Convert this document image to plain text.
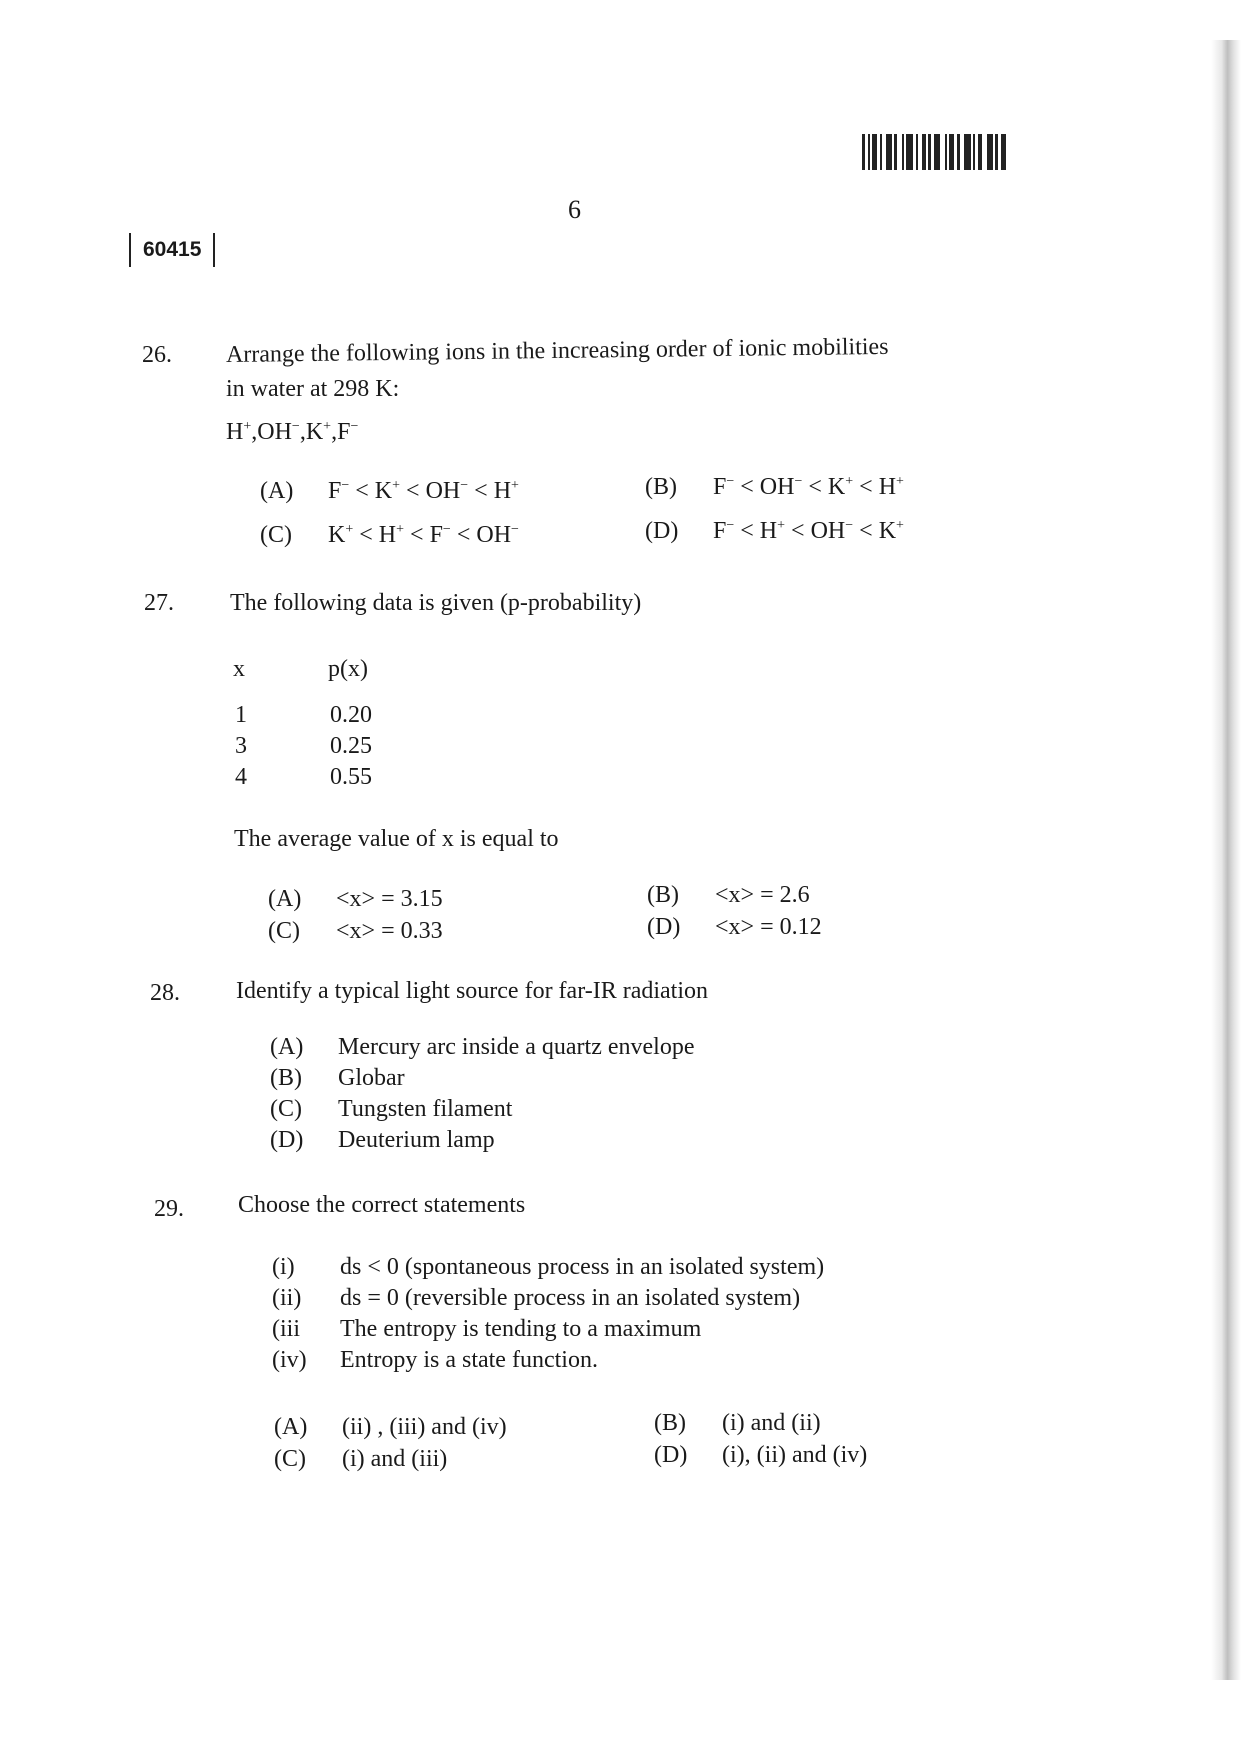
6
60415
26. Arrange the following ions in the increasing order of ionic mobilities
in water at 298 K:
H+,OH−,K+,F−
(A)	F− < K+ < OH− < H+	(B)	F− < OH− < K+ < H+
(C)	K+ < H+ < F− < OH−	(D)	F− < H+ < OH− < K+
27. The following data is given (p-probability)
x	p(x)
1	0.20
3	0.25
4	0.55
The average value of x is equal to
(A)	<x> = 3.15	(B)	<x> = 2.6
(C)	<x> = 0.33	(D)	<x> = 0.12
28. Identify a typical light source for far-IR radiation
(A)	Mercury arc inside a quartz envelope
(B)	Globar
(C)	Tungsten filament
(D)	Deuterium lamp
29. Choose the correct statements
(i)	ds < 0 (spontaneous process in an isolated system)
(ii)	ds = 0 (reversible process in an isolated system)
(iii	The entropy is tending to a maximum
(iv)	Entropy is a state function.
(A)	(ii) , (iii) and (iv)	(B)	(i) and (ii)
(C)	(i) and (iii)	(D)	(i), (ii) and (iv)
